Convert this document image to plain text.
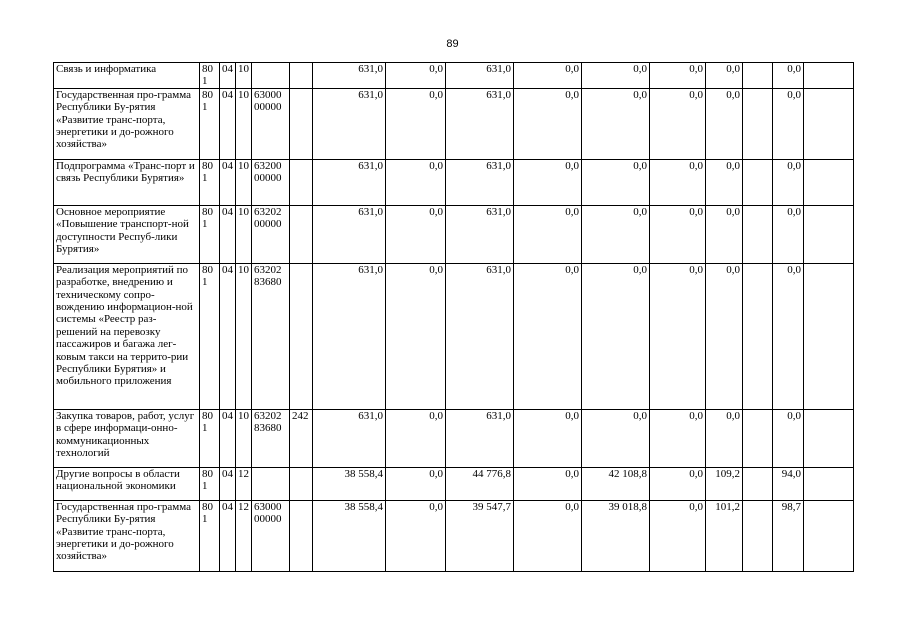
89
Связь и информатика	801	04	10			631,0	0,0	631,0	0,0	0,0	0,0	0,0		0,0	
Государственная про-грамма Республики Бу-рятия «Развитие транс-порта, энергетики и до-рожного хозяйства»	801	04	10	63000 00000		631,0	0,0	631,0	0,0	0,0	0,0	0,0		0,0	
Подпрограмма «Транс-порт и связь Республики Бурятия»	801	04	10	63200 00000		631,0	0,0	631,0	0,0	0,0	0,0	0,0		0,0	
Основное мероприятие «Повышение транспорт-ной доступности Респуб-лики Бурятия»	801	04	10	63202 00000		631,0	0,0	631,0	0,0	0,0	0,0	0,0		0,0	
Реализация мероприятий по разработке, внедрению и техническому сопро-вождению информацион-ной системы «Реестр раз-решений на перевозку пассажиров и багажа лег-ковым такси на террито-рии Республики Бурятия» и мобильного приложения	801	04	10	63202 83680		631,0	0,0	631,0	0,0	0,0	0,0	0,0		0,0	
Закупка товаров, работ, услуг в сфере информаци-онно-коммуникационных технологий	801	04	10	63202 83680	242	631,0	0,0	631,0	0,0	0,0	0,0	0,0		0,0	
Другие вопросы в области национальной экономики	801	04	12			38 558,4	0,0	44 776,8	0,0	42 108,8	0,0	109,2		94,0	
Государственная про-грамма Республики Бу-рятия «Развитие транс-порта, энергетики и до-рожного хозяйства»	801	04	12	63000 00000		38 558,4	0,0	39 547,7	0,0	39 018,8	0,0	101,2		98,7	
